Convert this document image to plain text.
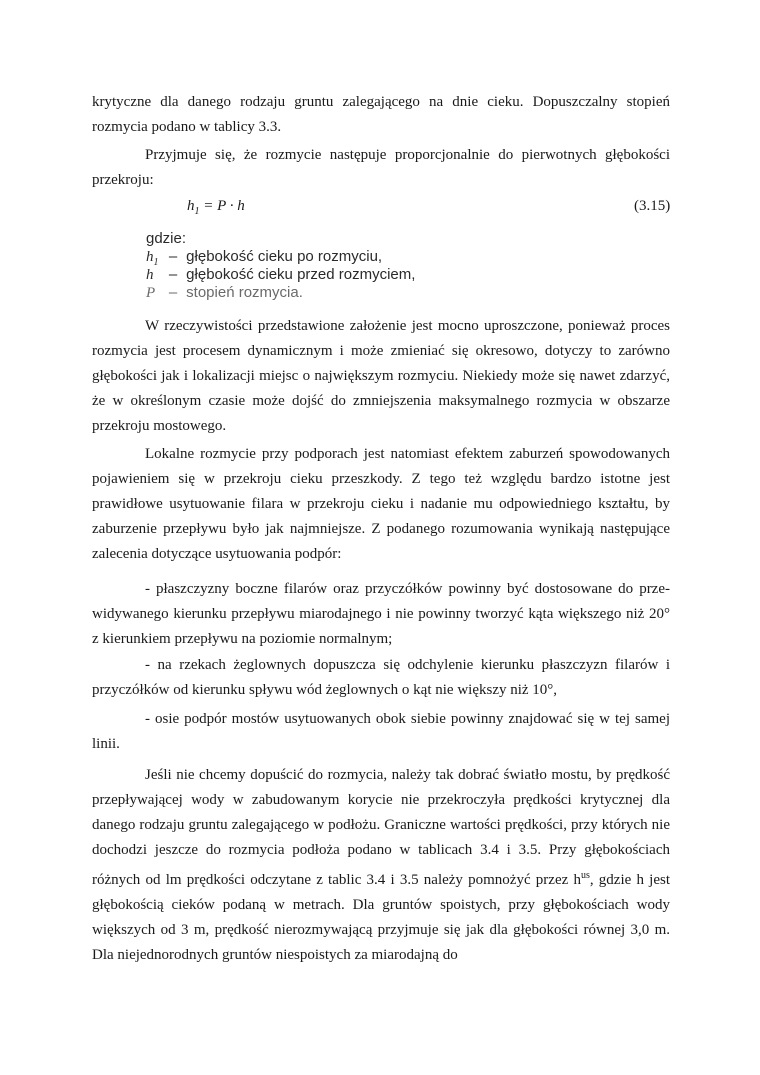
krytyczne dla danego rodzaju gruntu zalegającego na dnie cieku. Dopuszczalny stopień rozmycia podano w tablicy 3.3.

Przyjmuje się, że rozmycie następuje proporcjonalnie do pierwotnych głębokości przekroju:

$h_1 = P \cdot h$	(3.15)
gdzie:
$h_1$ – głębokość cieku po rozmyciu,
h – głębokość cieku przed rozmyciem,
P – stopień rozmycia.

W rzeczywistości przedstawione założenie jest mocno uproszczone, ponieważ proces rozmycia jest procesem dynamicznym i może zmieniać się okresowo, dotyczy to zarówno głębokości jak i lokalizacji miejsc o największym rozmyciu. Niekiedy może się nawet zdarzyć, że w określonym czasie może dojść do zmniejszenia maksymalnego rozmycia w obszarze przekroju mostowego.

Lokalne rozmycie przy podporach jest natomiast efektem zaburzeń spowodowanych pojawieniem się w przekroju cieku przeszkody. Z tego też względu bardzo istotne jest prawidłowe usytuowanie filara w przekroju cieku i nadanie mu odpowiedniego kształtu, by zaburzenie przepływu było jak najmniejsze. Z podanego rozumowania wynikają następujące zalecenia dotyczące usytuowania podpór:

- płaszczyzny boczne filarów oraz przyczółków powinny być dostosowane do prze-widywanego kierunku przepływu miarodajnego i nie powinny tworzyć kąta większego niż 20° z kierunkiem przepływu na poziomie normalnym;

- na rzekach żeglownych dopuszcza się odchylenie kierunku płaszczyzn filarów i przyczółków od kierunku spływu wód żeglownych o kąt nie większy niż 10°,

- osie podpór mostów usytuowanych obok siebie powinny znajdować się w tej samej linii.

Jeśli nie chcemy dopuścić do rozmycia, należy tak dobrać światło mostu, by prędkość przepływającej wody w zabudowanym korycie nie przekroczyła prędkości krytycznej dla danego rodzaju gruntu zalegającego w podłożu. Graniczne wartości prędkości, przy których nie dochodzi jeszcze do rozmycia podłoża podano w tablicach 3.4 i 3.5. Przy głębokościach różnych od lm prędkości odczytane z tablic 3.4 i 3.5 należy pomnożyć przez $h^{us}$, gdzie h jest głębokością cieków podaną w metrach. Dla gruntów spoistych, przy głębokościach wody większych od 3 m, prędkość nierozmywającą przyjmuje się jak dla głębokości równej 3,0 m. Dla niejednorodnych gruntów niespoistych za miarodajną do
